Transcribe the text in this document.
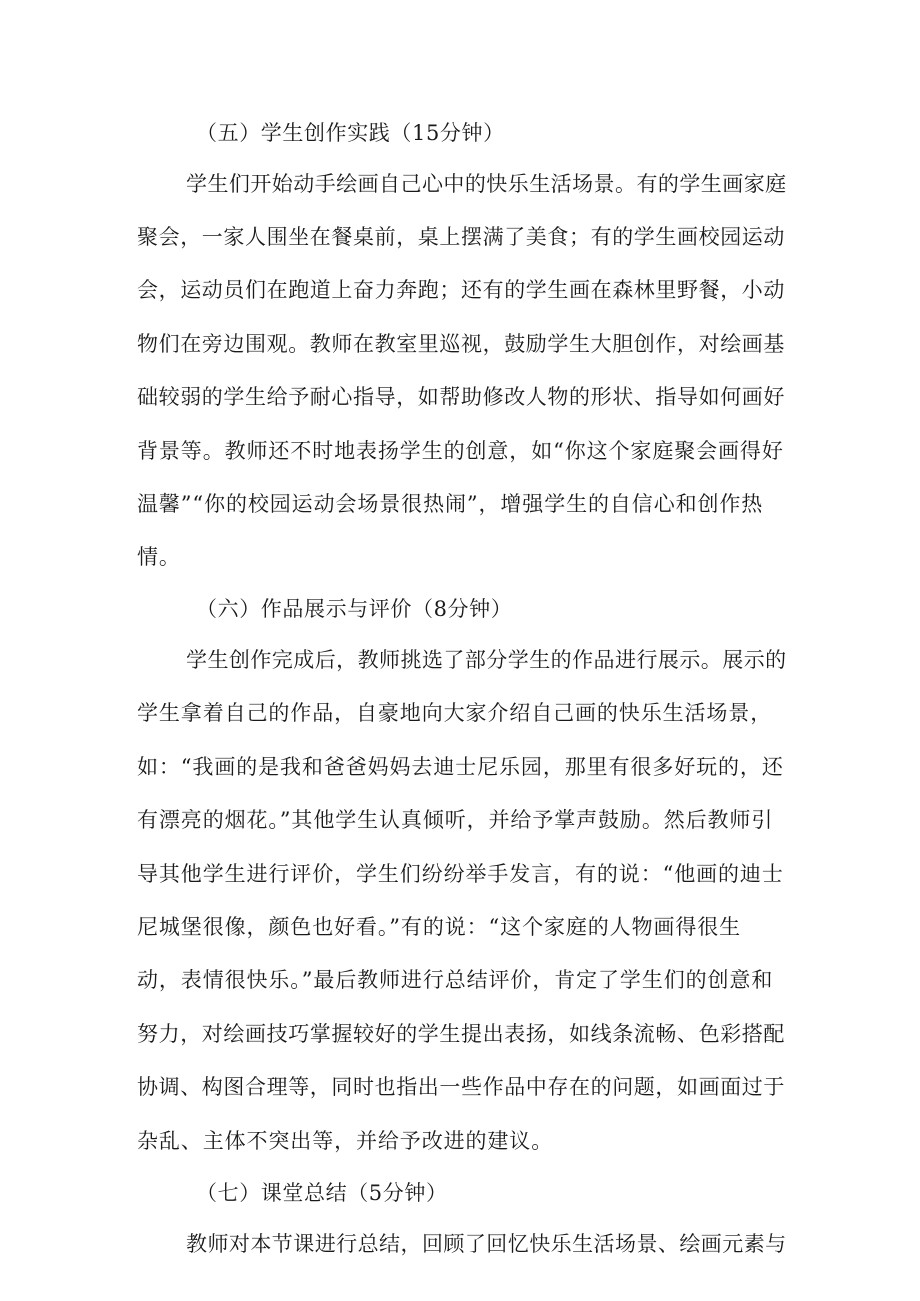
（五）学生创作实践（15分钟）
学生们开始动手绘画自己心中的快乐生活场景。有的学生画家庭
聚会，一家人围坐在餐桌前，桌上摆满了美食；有的学生画校园运动
会，运动员们在跑道上奋力奔跑；还有的学生画在森林里野餐，小动
物们在旁边围观。教师在教室里巡视，鼓励学生大胆创作，对绘画基
础较弱的学生给予耐心指导，如帮助修改人物的形状、指导如何画好
背景等。教师还不时地表扬学生的创意，如“你这个家庭聚会画得好
温馨”“你的校园运动会场景很热闹”，增强学生的自信心和创作热
情。
（六）作品展示与评价（8分钟）
学生创作完成后，教师挑选了部分学生的作品进行展示。展示的
学生拿着自己的作品，自豪地向大家介绍自己画的快乐生活场景，
如：“我画的是我和爸爸妈妈去迪士尼乐园，那里有很多好玩的，还
有漂亮的烟花。”其他学生认真倾听，并给予掌声鼓励。然后教师引
导其他学生进行评价，学生们纷纷举手发言，有的说：“他画的迪士
尼城堡很像，颜色也好看。”有的说：“这个家庭的人物画得很生
动，表情很快乐。”最后教师进行总结评价，肯定了学生们的创意和
努力，对绘画技巧掌握较好的学生提出表扬，如线条流畅、色彩搭配
协调、构图合理等，同时也指出一些作品中存在的问题，如画面过于
杂乱、主体不突出等，并给予改进的建议。
（七）课堂总结（5分钟）
教师对本节课进行总结，回顾了回忆快乐生活场景、绘画元素与
